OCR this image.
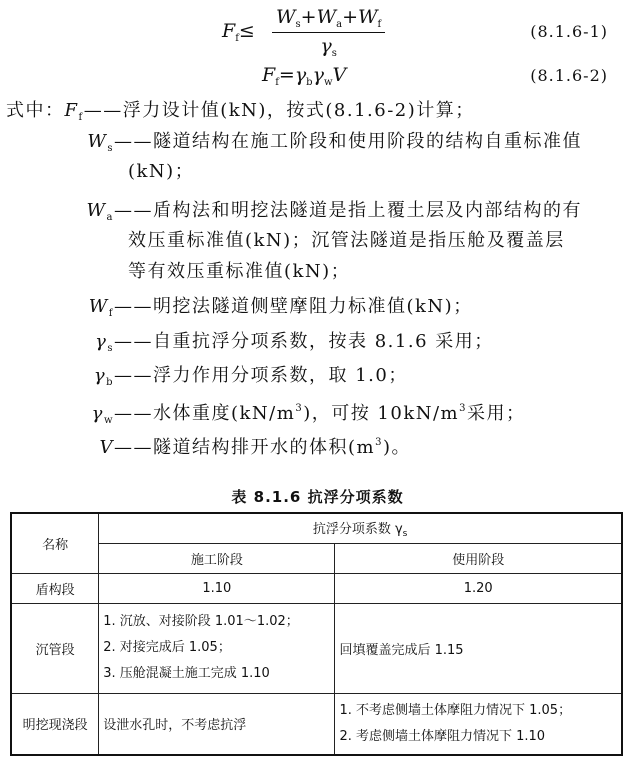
$F_f\le \frac{W_s+W_a+W_f}{\gamma_s}$	(8.1.6-1)
$F_f=\gamma_b\gamma_wV$	(8.1.6-2)
式中：$F_f——$浮力设计值(kN)，按式(8.1.6-2)计算；
$W_s——$隧道结构在施工阶段和使用阶段的结构自重标准值
(kN)；
$W_a——$盾构法和明挖法隧道是指上覆土层及内部结构的有
效压重标准值(kN)；沉管法隧道是指压舱及覆盖层
等有效压重标准值(kN)；
$W_f——$明挖法隧道侧壁摩阻力标准值(kN)；
$\gamma_s——$自重抗浮分项系数，按表 8.1.6 采用；
$\gamma_b——$浮力作用分项系数，取 1.0；
$\gamma_w——$水体重度$(kN/m^3)$，可按 $10kN/m^3$采用；
V——隧道结构排开水的体积$(m^3)$。
表 8.1.6 抗浮分项系数
名称	抗浮分项系数 $\gamma_s$
	施工阶段	使用阶段
盾构段	1.10	1.20
沉管段	1. 沉放、对接阶段 1.01～1.02；
2. 对接完成后 1.05；
3. 压舱混凝土施工完成 1.10	回填覆盖完成后 1.15
明挖现浇段	设泄水孔时，不考虑抗浮	1. 不考虑侧墙土体摩阻力情况下 1.05；
2. 考虑侧墙土体摩阻力情况下 1.10
